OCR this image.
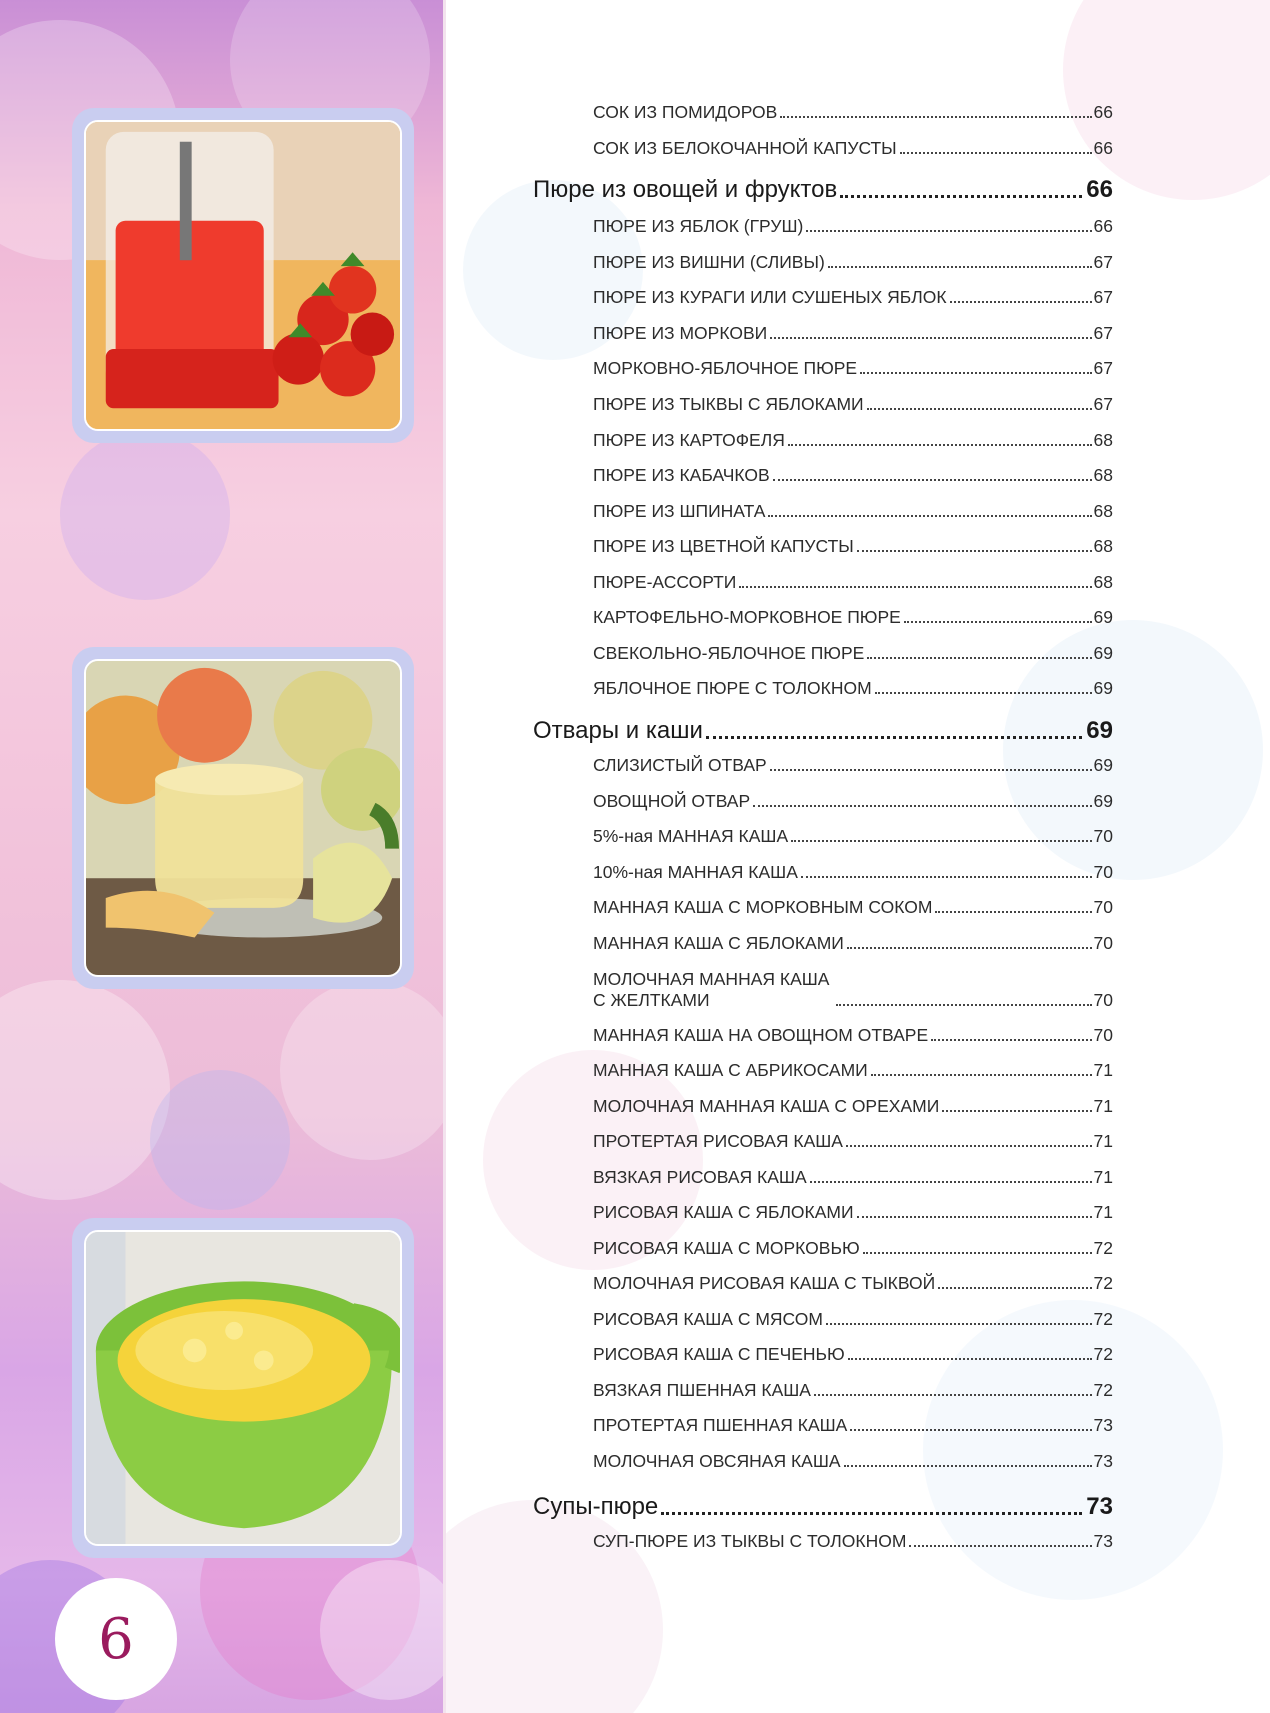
6
СОК ИЗ ПОМИДОРОВ	66
СОК ИЗ БЕЛОКОЧАННОЙ КАПУСТЫ	66
Пюре из овощей и фруктов	66
ПЮРЕ ИЗ ЯБЛОК (ГРУШ)	66
ПЮРЕ ИЗ ВИШНИ (СЛИВЫ)	67
ПЮРЕ ИЗ КУРАГИ ИЛИ СУШЕНЫХ ЯБЛОК	67
ПЮРЕ ИЗ МОРКОВИ	67
МОРКОВНО-ЯБЛОЧНОЕ ПЮРЕ	67
ПЮРЕ ИЗ ТЫКВЫ С ЯБЛОКАМИ	67
ПЮРЕ ИЗ КАРТОФЕЛЯ	68
ПЮРЕ ИЗ КАБАЧКОВ	68
ПЮРЕ ИЗ ШПИНАТА	68
ПЮРЕ ИЗ ЦВЕТНОЙ КАПУСТЫ	68
ПЮРЕ-АССОРТИ	68
КАРТОФЕЛЬНО-МОРКОВНОЕ ПЮРЕ	69
СВЕКОЛЬНО-ЯБЛОЧНОЕ ПЮРЕ	69
ЯБЛОЧНОЕ ПЮРЕ С ТОЛОКНОМ	69
Отвары и каши	69
СЛИЗИСТЫЙ ОТВАР	69
ОВОЩНОЙ ОТВАР	69
5%-ная МАННАЯ КАША	70
10%-ная МАННАЯ КАША	70
МАННАЯ КАША С МОРКОВНЫМ СОКОМ	70
МАННАЯ КАША С ЯБЛОКАМИ	70
МОЛОЧНАЯ МАННАЯ КАША С ЖЕЛТКАМИ	70
МАННАЯ КАША НА ОВОЩНОМ ОТВАРЕ	70
МАННАЯ КАША С АБРИКОСАМИ	71
МОЛОЧНАЯ МАННАЯ КАША С ОРЕХАМИ	71
ПРОТЕРТАЯ РИСОВАЯ КАША	71
ВЯЗКАЯ РИСОВАЯ КАША	71
РИСОВАЯ КАША С ЯБЛОКАМИ	71
РИСОВАЯ КАША С МОРКОВЬЮ	72
МОЛОЧНАЯ РИСОВАЯ КАША С ТЫКВОЙ	72
РИСОВАЯ КАША С МЯСОМ	72
РИСОВАЯ КАША С ПЕЧЕНЬЮ	72
ВЯЗКАЯ ПШЕННАЯ КАША	72
ПРОТЕРТАЯ ПШЕННАЯ КАША	73
МОЛОЧНАЯ ОВСЯНАЯ КАША	73
Супы-пюре	73
СУП-ПЮРЕ ИЗ ТЫКВЫ С ТОЛОКНОМ	73
